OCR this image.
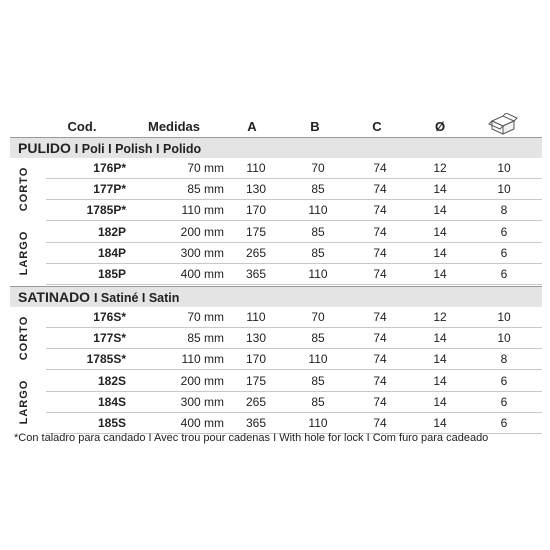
Cod.	Medidas	A	B	C	Ø
PULIDO I Poli I Polish I Polido
176P*	70 mm	110	70	74	12	10
177P*	85 mm	130	85	74	14	10
1785P*	110 mm	170	110	74	14	8
CORTO
182P	200 mm	175	85	74	14	6
184P	300 mm	265	85	74	14	6
185P	400 mm	365	110	74	14	6
LARGO
SATINADO I Satiné I Satin
176S*	70 mm	110	70	74	12	10
177S*	85 mm	130	85	74	14	10
1785S*	110 mm	170	110	74	14	8
CORTO
182S	200 mm	175	85	74	14	6
184S	300 mm	265	85	74	14	6
185S	400 mm	365	110	74	14	6
LARGO
*Con taladro para candado I Avec trou pour cadenas I With hole for lock I Com furo para cadeado
